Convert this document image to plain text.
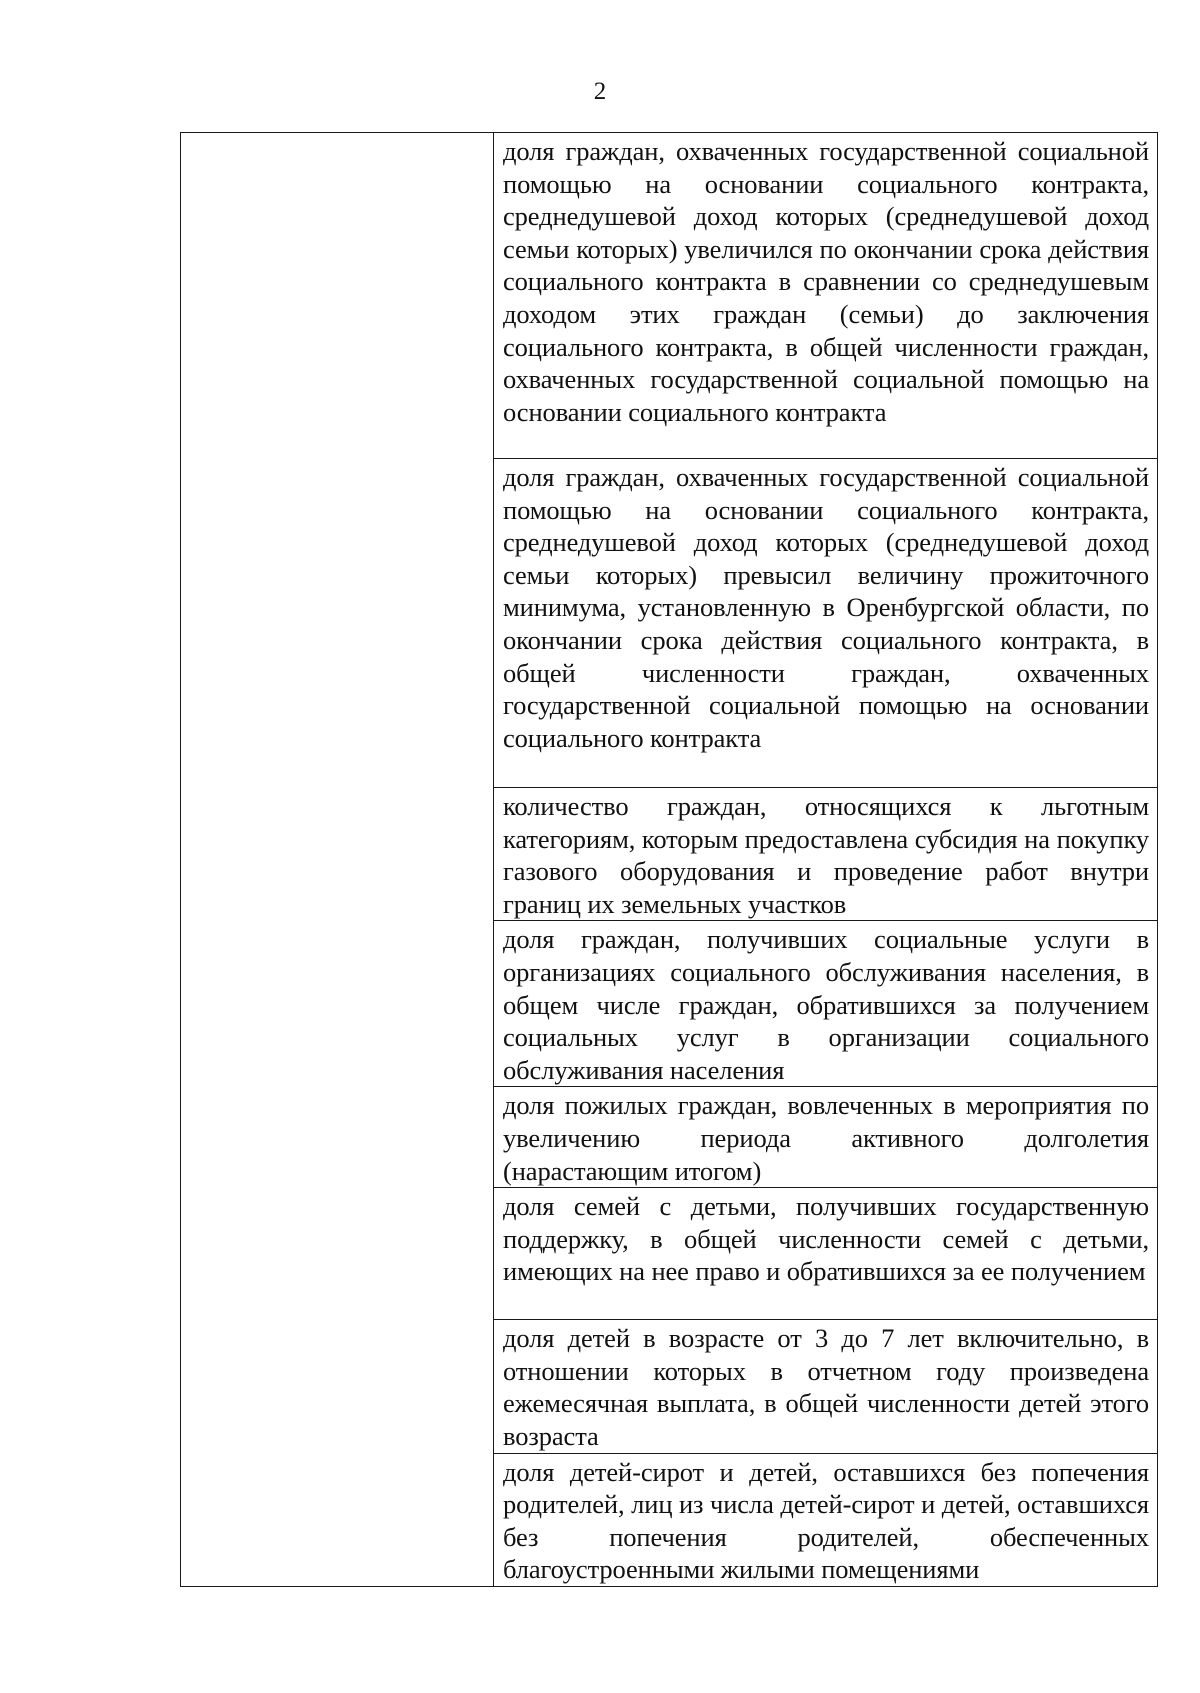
2

доля граждан, охваченных государственной социальной помощью на основании социального контракта, среднедушевой доход которых (среднедушевой доход семьи которых) увеличился по окончании срока действия социального контракта в сравнении со среднедушевым доходом этих граждан (семьи) до заключения социального контракта, в общей численности граждан, охваченных государственной социальной помощью на основании социального контракта

доля граждан, охваченных государственной социальной помощью на основании социального контракта, среднедушевой доход которых (среднедушевой доход семьи которых) превысил величину прожиточного минимума, установленную в Оренбургской области, по окончании срока действия социального контракта, в общей численности граждан, охваченных государственной социальной помощью на основании социального контракта

количество граждан, относящихся к льготным категориям, которым предоставлена субсидия на покупку газового оборудования и проведение работ внутри границ их земельных участков

доля граждан, получивших социальные услуги в организациях социального обслуживания населения, в общем числе граждан, обратившихся за получением социальных услуг в организации социального обслуживания населения

доля пожилых граждан, вовлеченных в мероприятия по увеличению периода активного долголетия (нарастающим итогом)

доля семей с детьми, получивших государственную поддержку, в общей численности семей с детьми, имеющих на нее право и обратившихся за ее получением

доля детей в возрасте от 3 до 7 лет включительно, в отношении которых в отчетном году произведена ежемесячная выплата, в общей численности детей этого возраста

доля детей-сирот и детей, оставшихся без попечения родителей, лиц из числа детей-сирот и детей, оставшихся без попечения родителей, обеспеченных благоустроенными жилыми помещениями
